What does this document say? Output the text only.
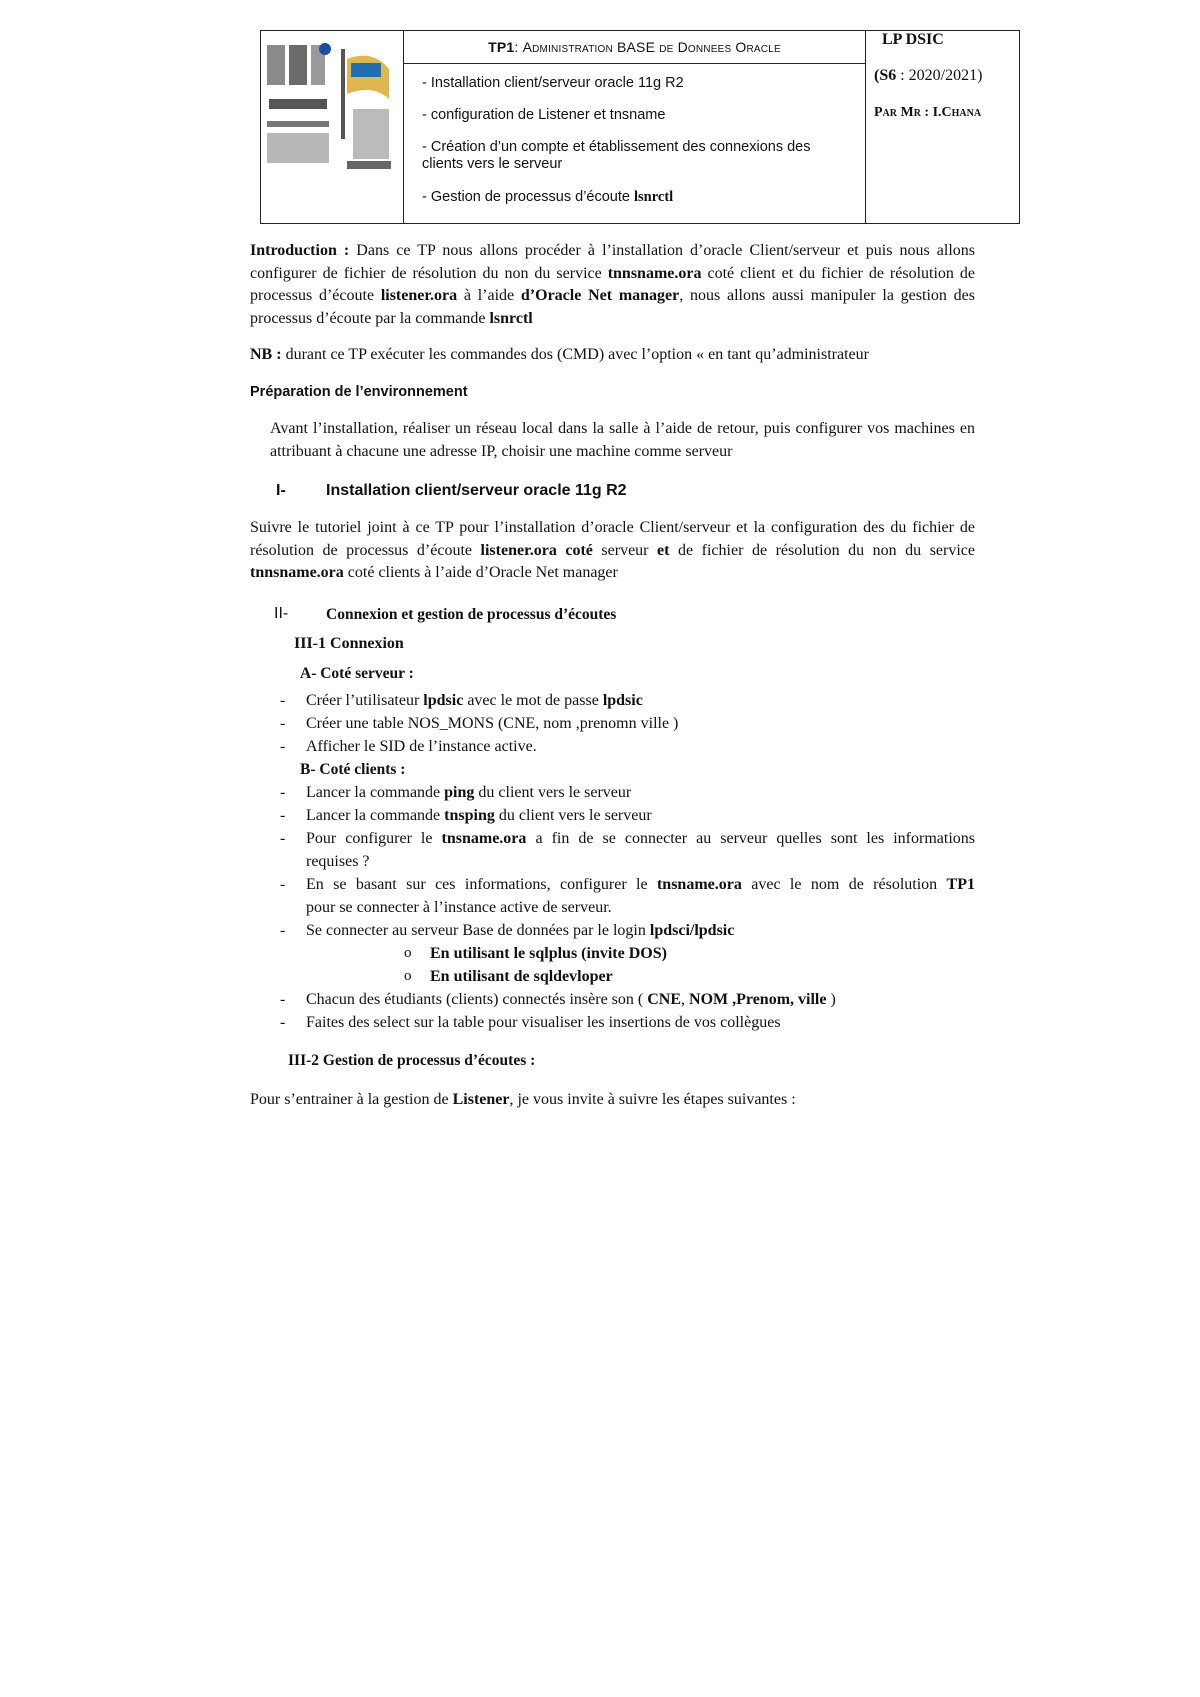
TP1: Administration BASE de Donnees Oracle
- Installation client/serveur oracle 11g R2
- configuration de Listener et tnsname
- Création d’un compte et établissement des connexions des clients vers le serveur
- Gestion de processus d’écoute lsnrctl
LP DSIC
(S6 : 2020/2021)
Par Mr : I.Chana
Introduction : Dans ce TP nous allons procéder à l’installation d’oracle Client/serveur et puis nous allons configurer de fichier de résolution du non du service tnnsname.ora coté client et du fichier de résolution de processus d’écoute listener.ora à l’aide d’Oracle Net manager, nous allons aussi manipuler la gestion des processus d’écoute par la commande lsnrctl
NB : durant ce TP exécuter les commandes dos (CMD) avec l’option « en tant qu’administrateur
Préparation de l’environnement
Avant l’installation, réaliser un réseau local dans la salle à l’aide de retour, puis configurer vos machines en attribuant à chacune une adresse IP, choisir une machine comme serveur
I-	Installation client/serveur oracle 11g R2
Suivre le tutoriel joint à ce TP pour l’installation d’oracle Client/serveur et la configuration des du fichier de résolution de processus d’écoute listener.ora coté serveur et de fichier de résolution du non du service tnnsname.ora coté clients à l’aide d’Oracle Net manager
II- Connexion et gestion de processus d’écoutes
III-1 Connexion
A- Coté serveur :
- Créer l’utilisateur lpdsic avec le mot de passe lpdsic
- Créer une table NOS_MONS (CNE, nom ,prenomn ville )
- Afficher le SID de l’instance active.
B- Coté clients :
- Lancer la commande ping du client vers le serveur
- Lancer la commande tnsping du client vers le serveur
- Pour configurer le tnsname.ora a fin de se connecter au serveur quelles sont les informations
requises ?
- En se basant sur ces informations, configurer le tnsname.ora avec le nom de résolution TP1
pour se connecter à l’instance active de serveur.
- Se connecter au serveur Base de données par le login lpdsci/lpdsic
o En utilisant le sqlplus (invite DOS)
o En utilisant de sqldevloper
- Chacun des étudiants (clients) connectés insère son ( CNE, NOM ,Prenom, ville )
- Faites des select sur la table pour visualiser les insertions de vos collègues
III-2 Gestion de processus d’écoutes :
Pour s’entrainer à la gestion de Listener, je vous invite à suivre les étapes suivantes :
